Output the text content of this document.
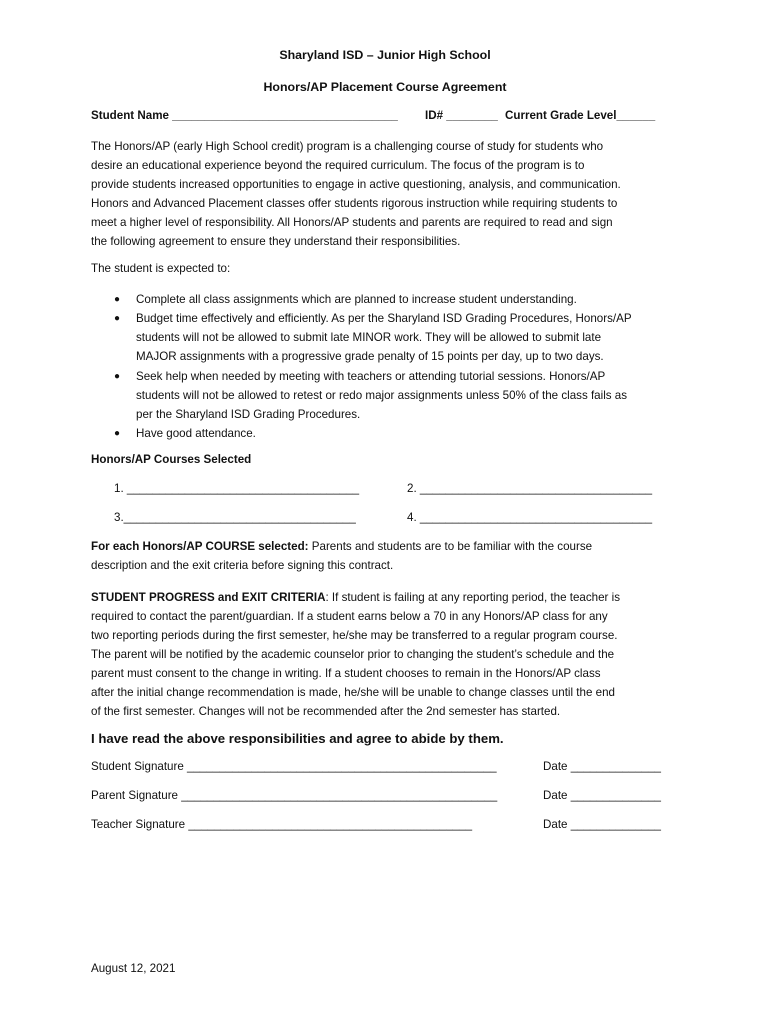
Sharyland ISD – Junior High School
Honors/AP Placement Course Agreement
Student Name ___________________________________ ID# ________ Current Grade Level______
The Honors/AP (early High School credit) program is a challenging course of study for students who
desire an educational experience beyond the required curriculum. The focus of the program is to
provide students increased opportunities to engage in active questioning, analysis, and communication.
Honors and Advanced Placement classes offer students rigorous instruction while requiring students to
meet a higher level of responsibility. All Honors/AP students and parents are required to read and sign
the following agreement to ensure they understand their responsibilities.
The student is expected to:
● Complete all class assignments which are planned to increase student understanding.
● Budget time effectively and efficiently. As per the Sharyland ISD Grading Procedures, Honors/AP
students will not be allowed to submit late MINOR work. They will be allowed to submit late
MAJOR assignments with a progressive grade penalty of 15 points per day, up to two days.
● Seek help when needed by meeting with teachers or attending tutorial sessions. Honors/AP
students will not be allowed to retest or redo major assignments unless 50% of the class fails as
per the Sharyland ISD Grading Procedures.
● Have good attendance.
Honors/AP Courses Selected
1. ____________________________________	2. ____________________________________
3.____________________________________	4. ____________________________________
For each Honors/AP COURSE selected: Parents and students are to be familiar with the course
description and the exit criteria before signing this contract.
STUDENT PROGRESS and EXIT CRITERIA: If student is failing at any reporting period, the teacher is
required to contact the parent/guardian. If a student earns below a 70 in any Honors/AP class for any
two reporting periods during the first semester, he/she may be transferred to a regular program course.
The parent will be notified by the academic counselor prior to changing the student’s schedule and the
parent must consent to the change in writing. If a student chooses to remain in the Honors/AP class
after the initial change recommendation is made, he/she will be unable to change classes until the end
of the first semester. Changes will not be recommended after the 2nd semester has started.
I have read the above responsibilities and agree to abide by them.
Student Signature ________________________________________________	Date ______________
Parent Signature _________________________________________________	Date ______________
Teacher Signature ____________________________________________	Date ______________
August 12, 2021
